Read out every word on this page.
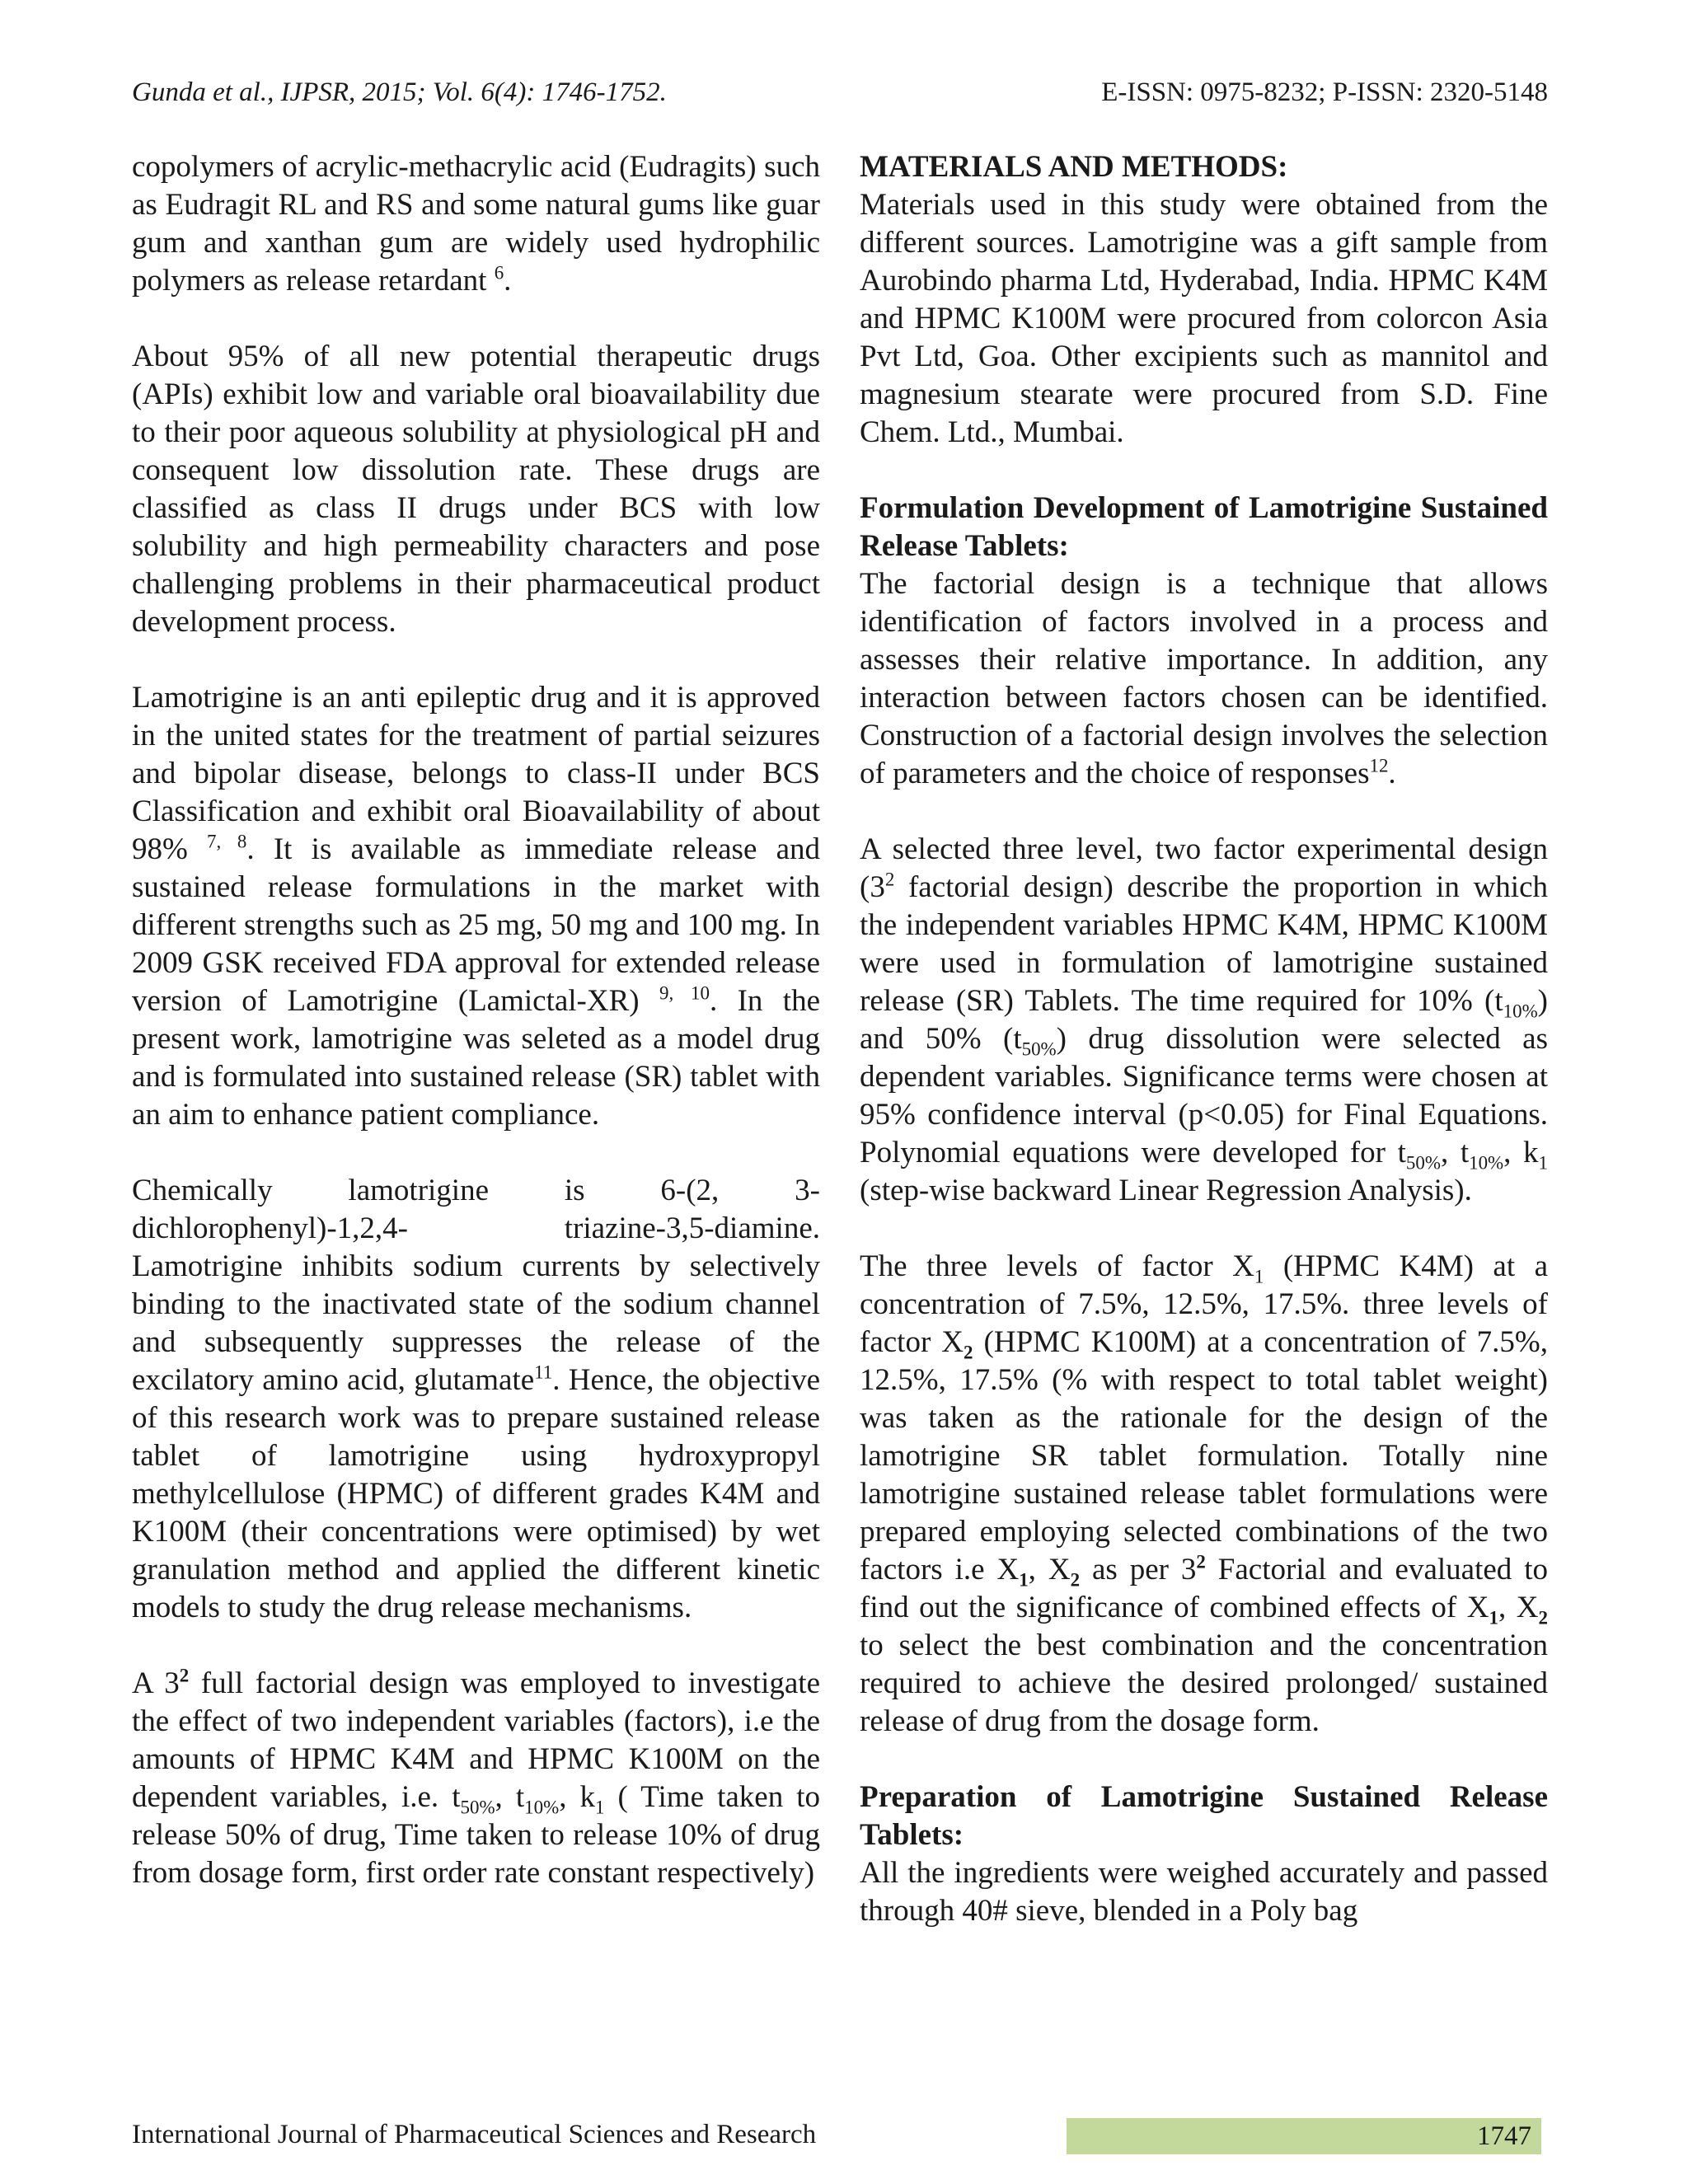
Gunda et al., IJPSR, 2015; Vol. 6(4): 1746-1752.	E-ISSN: 0975-8232; P-ISSN: 2320-5148

copolymers of acrylic-methacrylic acid (Eudragits) such as Eudragit RL and RS and some natural gums like guar gum and xanthan gum are widely used hydrophilic polymers as release retardant $^6$.

About 95% of all new potential therapeutic drugs (APIs) exhibit low and variable oral bioavailability due to their poor aqueous solubility at physiological pH and consequent low dissolution rate. These drugs are classified as class II drugs under BCS with low solubility and high permeability characters and pose challenging problems in their pharmaceutical product development process.

Lamotrigine is an anti epileptic drug and it is approved in the united states for the treatment of partial seizures and bipolar disease, belongs to class-II under BCS Classification and exhibit oral Bioavailability of about 98% $^{7, 8}$. It is available as immediate release and sustained release formulations in the market with different strengths such as 25 mg, 50 mg and 100 mg. In 2009 GSK received FDA approval for extended release version of Lamotrigine (Lamictal-XR) $^{9, 10}$. In the present work, lamotrigine was seleted as a model drug and is formulated into sustained release (SR) tablet with an aim to enhance patient compliance.

Chemically lamotrigine is 6-(2, 3-dichlorophenyl)-1,2,4- triazine-3,5-diamine. Lamotrigine inhibits sodium currents by selectively binding to the inactivated state of the sodium channel and subsequently suppresses the release of the excilatory amino acid, glutamate$^{11}$. Hence, the objective of this research work was to prepare sustained release tablet of lamotrigine using hydroxypropyl methylcellulose (HPMC) of different grades K4M and K100M (their concentrations were optimised) by wet granulation method and applied the different kinetic models to study the drug release mechanisms.

A $3^2$ full factorial design was employed to investigate the effect of two independent variables (factors), i.e the amounts of HPMC K4M and HPMC K100M on the dependent variables, i.e. $t_{50\%}$, $t_{10\%}$, $k_1$ ( Time taken to release 50% of drug, Time taken to release 10% of drug from dosage form, first order rate constant respectively)

MATERIALS AND METHODS:

Materials used in this study were obtained from the different sources. Lamotrigine was a gift sample from Aurobindo pharma Ltd, Hyderabad, India. HPMC K4M and HPMC K100M were procured from colorcon Asia Pvt Ltd, Goa. Other excipients such as mannitol and magnesium stearate were procured from S.D. Fine Chem. Ltd., Mumbai.

Formulation Development of Lamotrigine Sustained Release Tablets:

The factorial design is a technique that allows identification of factors involved in a process and assesses their relative importance. In addition, any interaction between factors chosen can be identified. Construction of a factorial design involves the selection of parameters and the choice of responses$^{12}$.

A selected three level, two factor experimental design ($3^2$ factorial design) describe the proportion in which the independent variables HPMC K4M, HPMC K100M were used in formulation of lamotrigine sustained release (SR) Tablets. The time required for 10% $(t_{10\%})$ and 50% $(t_{50\%})$ drug dissolution were selected as dependent variables. Significance terms were chosen at 95% confidence interval (p<0.05) for Final Equations. Polynomial equations were developed for $t_{50\%}$, $t_{10\%}$, $k_1$ (step-wise backward Linear Regression Analysis).

The three levels of factor $X_1$ (HPMC K4M) at a concentration of 7.5%, 12.5%, 17.5%. three levels of factor $X_2$ (HPMC K100M) at a concentration of 7.5%, 12.5%, 17.5% (% with respect to total tablet weight) was taken as the rationale for the design of the lamotrigine SR tablet formulation. Totally nine lamotrigine sustained release tablet formulations were prepared employing selected combinations of the two factors i.e $X_1$, $X_2$ as per $3^2$ Factorial and evaluated to find out the significance of combined effects of $X_1$, $X_2$ to select the best combination and the concentration required to achieve the desired prolonged/ sustained release of drug from the dosage form.

Preparation of Lamotrigine Sustained Release Tablets:

All the ingredients were weighed accurately and passed through 40# sieve, blended in a Poly bag

International Journal of Pharmaceutical Sciences and Research	1747
